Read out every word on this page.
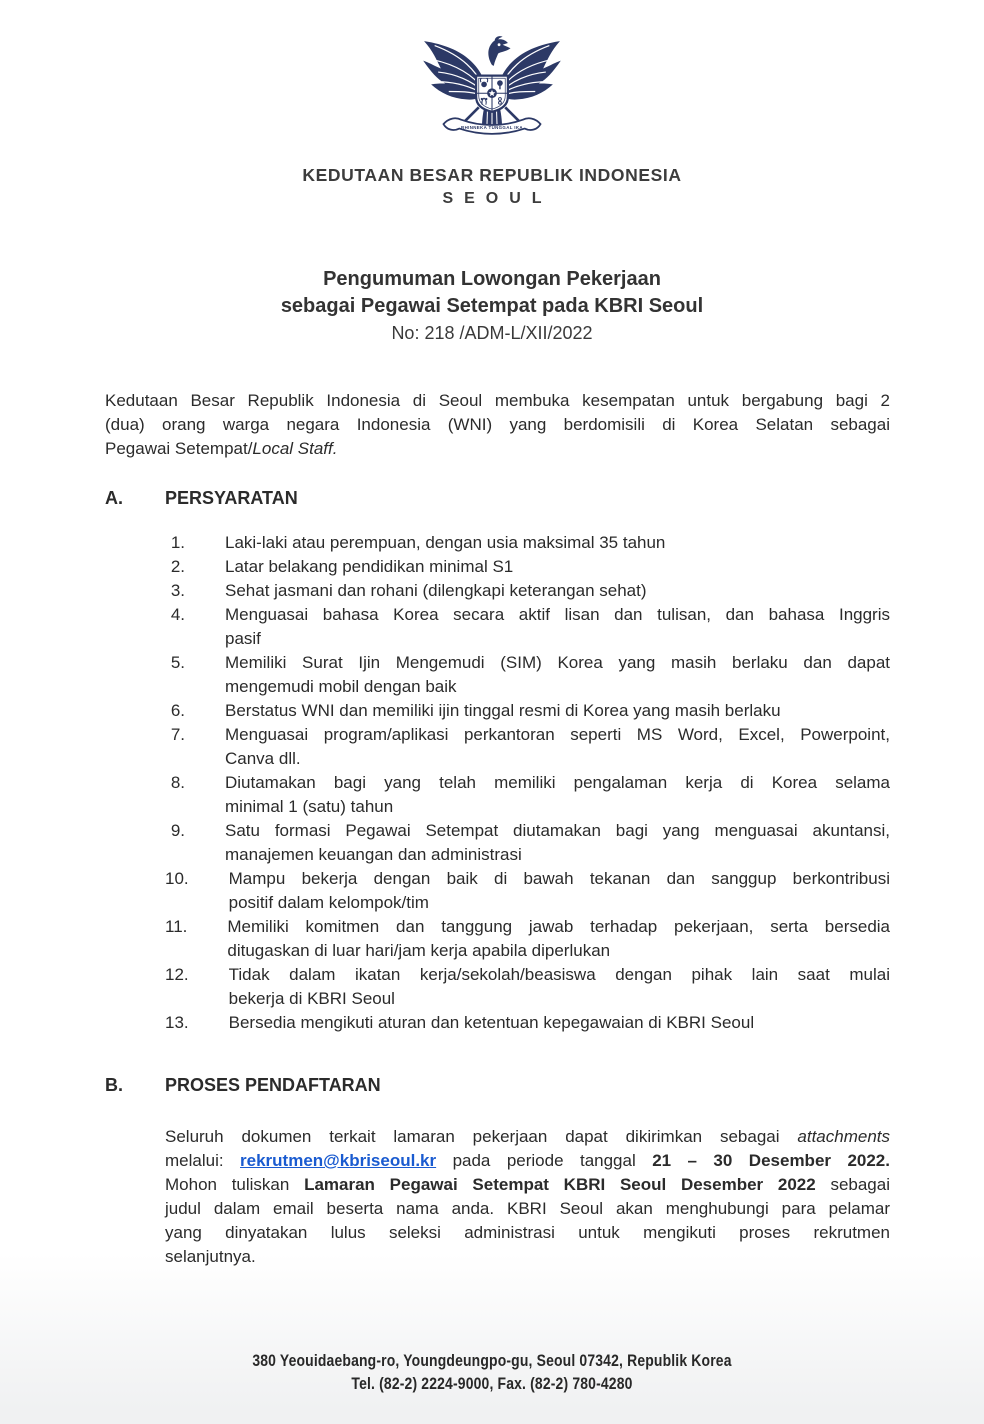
BHINNEKA TUNGGAL IKA
KEDUTAAN BESAR REPUBLIK INDONESIA
SEOUL
Pengumuman Lowongan Pekerjaan
sebagai Pegawai Setempat pada KBRI Seoul
No: 218 /ADM-L/XII/2022
Kedutaan Besar Republik Indonesia di Seoul membuka kesempatan untuk bergabung bagi 2
(dua) orang warga negara Indonesia (WNI) yang berdomisili di Korea Selatan sebagai
Pegawai Setempat/Local Staff.
A.	PERSYARATAN
1. Laki-laki atau perempuan, dengan usia maksimal 35 tahun
2. Latar belakang pendidikan minimal S1
3. Sehat jasmani dan rohani (dilengkapi keterangan sehat)
4. Menguasai bahasa Korea secara aktif lisan dan tulisan, dan bahasa Inggris
pasif
5. Memiliki Surat Ijin Mengemudi (SIM) Korea yang masih berlaku dan dapat
mengemudi mobil dengan baik
6. Berstatus WNI dan memiliki ijin tinggal resmi di Korea yang masih berlaku
7. Menguasai program/aplikasi perkantoran seperti MS Word, Excel, Powerpoint,
Canva dll.
8. Diutamakan bagi yang telah memiliki pengalaman kerja di Korea selama
minimal 1 (satu) tahun
9. Satu formasi Pegawai Setempat diutamakan bagi yang menguasai akuntansi,
manajemen keuangan dan administrasi
10. Mampu bekerja dengan baik di bawah tekanan dan sanggup berkontribusi
positif dalam kelompok/tim
11. Memiliki komitmen dan tanggung jawab terhadap pekerjaan, serta bersedia
ditugaskan di luar hari/jam kerja apabila diperlukan
12. Tidak dalam ikatan kerja/sekolah/beasiswa dengan pihak lain saat mulai
bekerja di KBRI Seoul
13. Bersedia mengikuti aturan dan ketentuan kepegawaian di KBRI Seoul
B.	PROSES PENDAFTARAN
Seluruh dokumen terkait lamaran pekerjaan dapat dikirimkan sebagai attachments
melalui: rekrutmen@kbriseoul.kr pada periode tanggal 21 – 30 Desember 2022.
Mohon tuliskan Lamaran Pegawai Setempat KBRI Seoul Desember 2022 sebagai
judul dalam email beserta nama anda. KBRI Seoul akan menghubungi para pelamar
yang dinyatakan lulus seleksi administrasi untuk mengikuti proses rekrutmen
selanjutnya.
380 Yeouidaebang-ro, Youngdeungpo-gu, Seoul 07342, Republik Korea
Tel. (82-2) 2224-9000, Fax. (82-2) 780-4280
